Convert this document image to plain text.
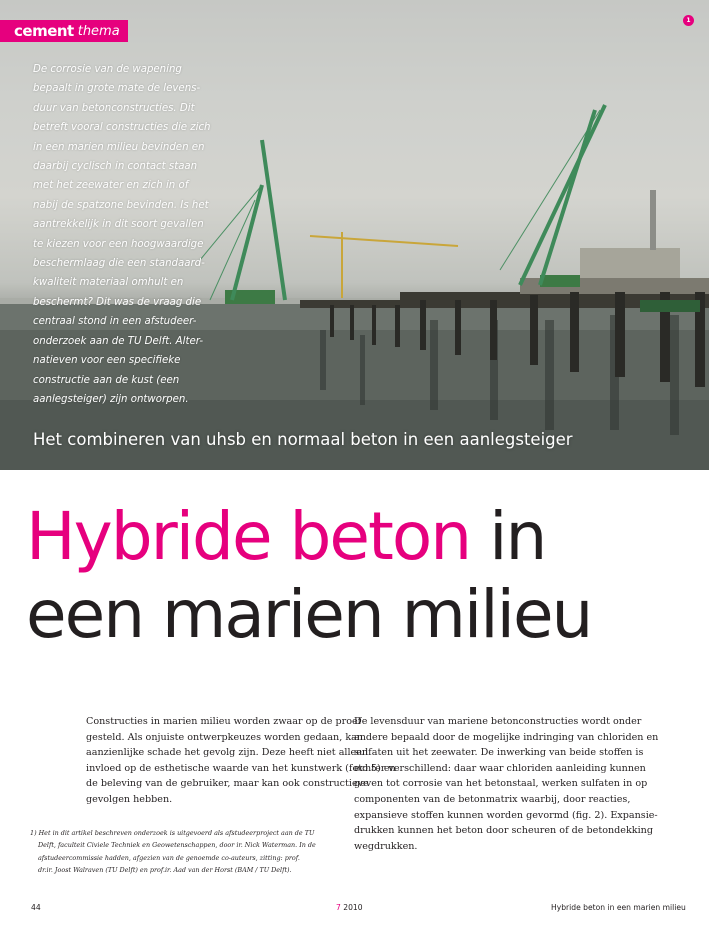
cement thema
1
De corrosie van de wapening
bepaalt in grote mate de levens-
duur van betonconstructies. Dit
betreft vooral constructies die zich
in een marien milieu bevinden en
daarbij cyclisch in contact staan
met het zeewater en zich in of
nabij de spatzone bevinden. Is het
aantrekkelijk in dit soort gevallen
te kiezen voor een hoogwaardige
beschermlaag die een standaard-
kwaliteit materiaal omhult en
beschermt? Dit was de vraag die
centraal stond in een afstudeer-
onderzoek aan de TU Delft. Alter-
natieven voor een specifieke
constructie aan de kust (een
aanlegsteiger) zijn ontworpen.
Het combineren van uhsb en normaal beton in een aanlegsteiger
Hybride beton in
een marien milieu
Constructies in marien milieu worden zwaar op de proef
gesteld. Als onjuiste ontwerpkeuzes worden gedaan, kan
aanzienlijke schade het gevolg zijn. Deze heeft niet alleen
invloed op de esthetische waarde van het kunstwerk (foto 5) en
de beleving van de gebruiker, maar kan ook constructieve
gevolgen hebben.
De levensduur van mariene betonconstructies wordt onder
andere bepaald door de mogelijke indringing van chloriden en
sulfaten uit het zeewater. De inwerking van beide stoffen is
echter verschillend: daar waar chloriden aanleiding kunnen
geven tot corrosie van het betonstaal, werken sulfaten in op
componenten van de betonmatrix waarbij, door reacties,
expansieve stoffen kunnen worden gevormd (fig. 2). Expansie-
drukken kunnen het beton door scheuren of de betondekking
wegdrukken.
1) Het in dit artikel beschreven onderzoek is uitgevoerd als afstudeerproject aan de TU
Delft, faculteit Civiele Techniek en Geowetenschappen, door ir. Nick Waterman. In de
afstudeercommissie hadden, afgezien van de genoemde co-auteurs, zitting: prof.
dr.ir. Joost Walraven (TU Delft) en prof.ir. Aad van der Horst (BAM / TU Delft).
44	7 2010	Hybride beton in een marien milieu
